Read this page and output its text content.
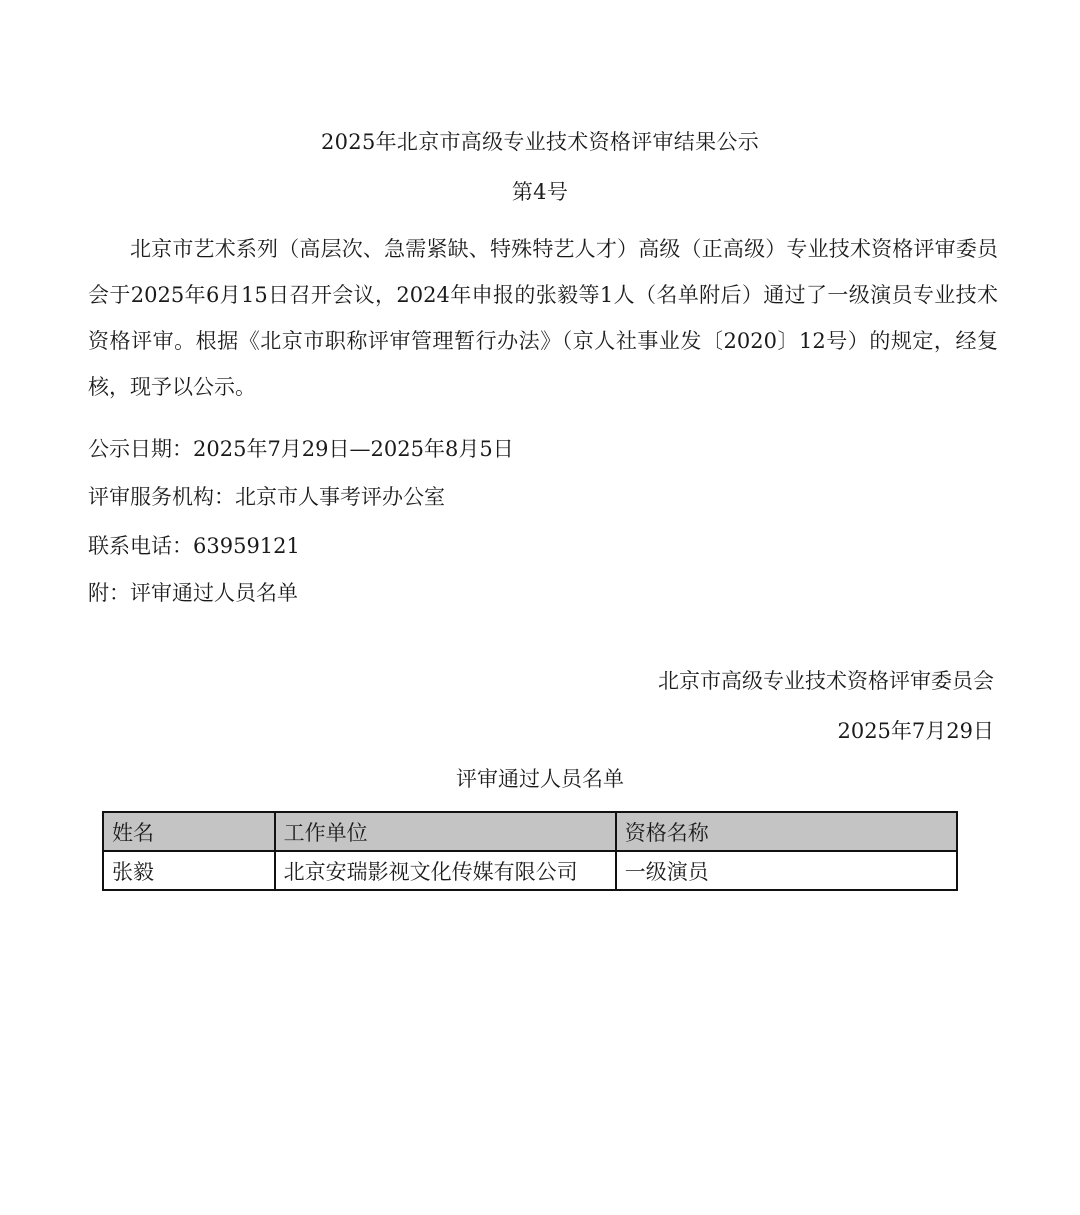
2025年北京市高级专业技术资格评审结果公示
第4号
北京市艺术系列（高层次、急需紧缺、特殊特艺人才）高级（正高级）专业技术资格评审委员会于2025年6月15日召开会议，2024年申报的张毅等1人（名单附后）通过了一级演员专业技术资格评审。根据《北京市职称评审管理暂行办法》（京人社事业发〔2020〕12号）的规定，经复核，现予以公示。
公示日期：2025年7月29日—2025年8月5日
评审服务机构：北京市人事考评办公室
联系电话：63959121
附：评审通过人员名单
北京市高级专业技术资格评审委员会
2025年7月29日
评审通过人员名单
姓名	工作单位	资格名称
张毅	北京安瑞影视文化传媒有限公司	一级演员
